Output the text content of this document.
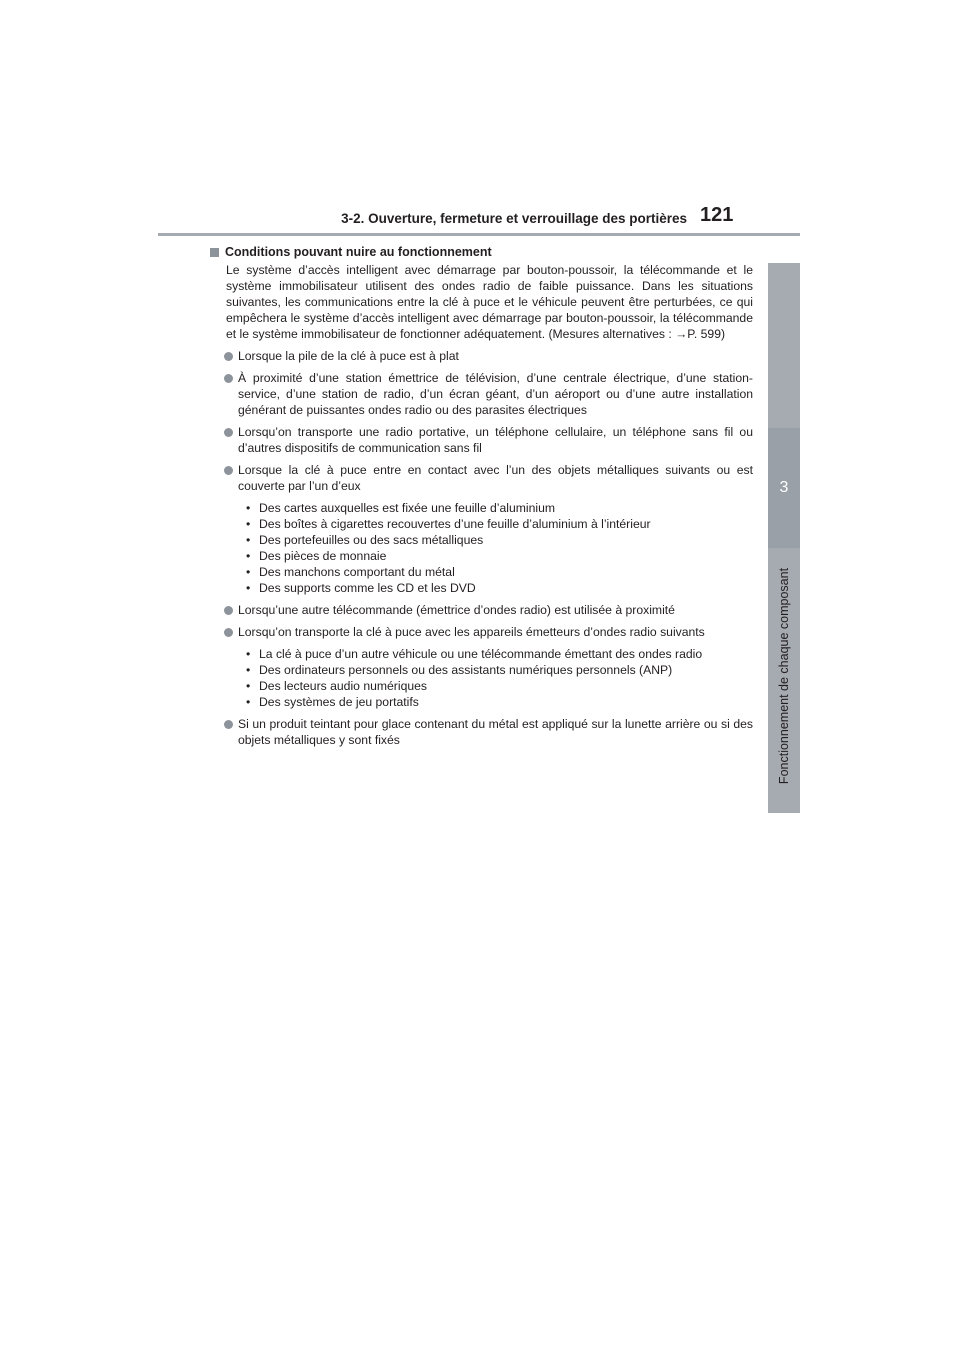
3-2. Ouverture, fermeture et verrouillage des portières 121
3
Fonctionnement de chaque composant
Conditions pouvant nuire au fonctionnement
Le système d’accès intelligent avec démarrage par bouton-poussoir, la télécommande et le système immobilisateur utilisent des ondes radio de faible puissance. Dans les situations suivantes, les communications entre la clé à puce et le véhicule peuvent être perturbées, ce qui empêchera le système d’accès intelligent avec démarrage par bouton-poussoir, la télécommande et le système immobilisateur de fonctionner adéquatement. (Mesures alternatives : →P. 599)
Lorsque la pile de la clé à puce est à plat
À proximité d’une station émettrice de télévision, d’une centrale électrique, d’une station-service, d’une station de radio, d’un écran géant, d’un aéroport ou d’une autre installation générant de puissantes ondes radio ou des parasites électriques
Lorsqu’on transporte une radio portative, un téléphone cellulaire, un téléphone sans fil ou d’autres dispositifs de communication sans fil
Lorsque la clé à puce entre en contact avec l’un des objets métalliques suivants ou est couverte par l’un d’eux
• Des cartes auxquelles est fixée une feuille d’aluminium
• Des boîtes à cigarettes recouvertes d’une feuille d’aluminium à l’intérieur
• Des portefeuilles ou des sacs métalliques
• Des pièces de monnaie
• Des manchons comportant du métal
• Des supports comme les CD et les DVD
Lorsqu’une autre télécommande (émettrice d’ondes radio) est utilisée à proximité
Lorsqu’on transporte la clé à puce avec les appareils émetteurs d’ondes radio suivants
• La clé à puce d’un autre véhicule ou une télécommande émettant des ondes radio
• Des ordinateurs personnels ou des assistants numériques personnels (ANP)
• Des lecteurs audio numériques
• Des systèmes de jeu portatifs
Si un produit teintant pour glace contenant du métal est appliqué sur la lunette arrière ou si des objets métalliques y sont fixés
